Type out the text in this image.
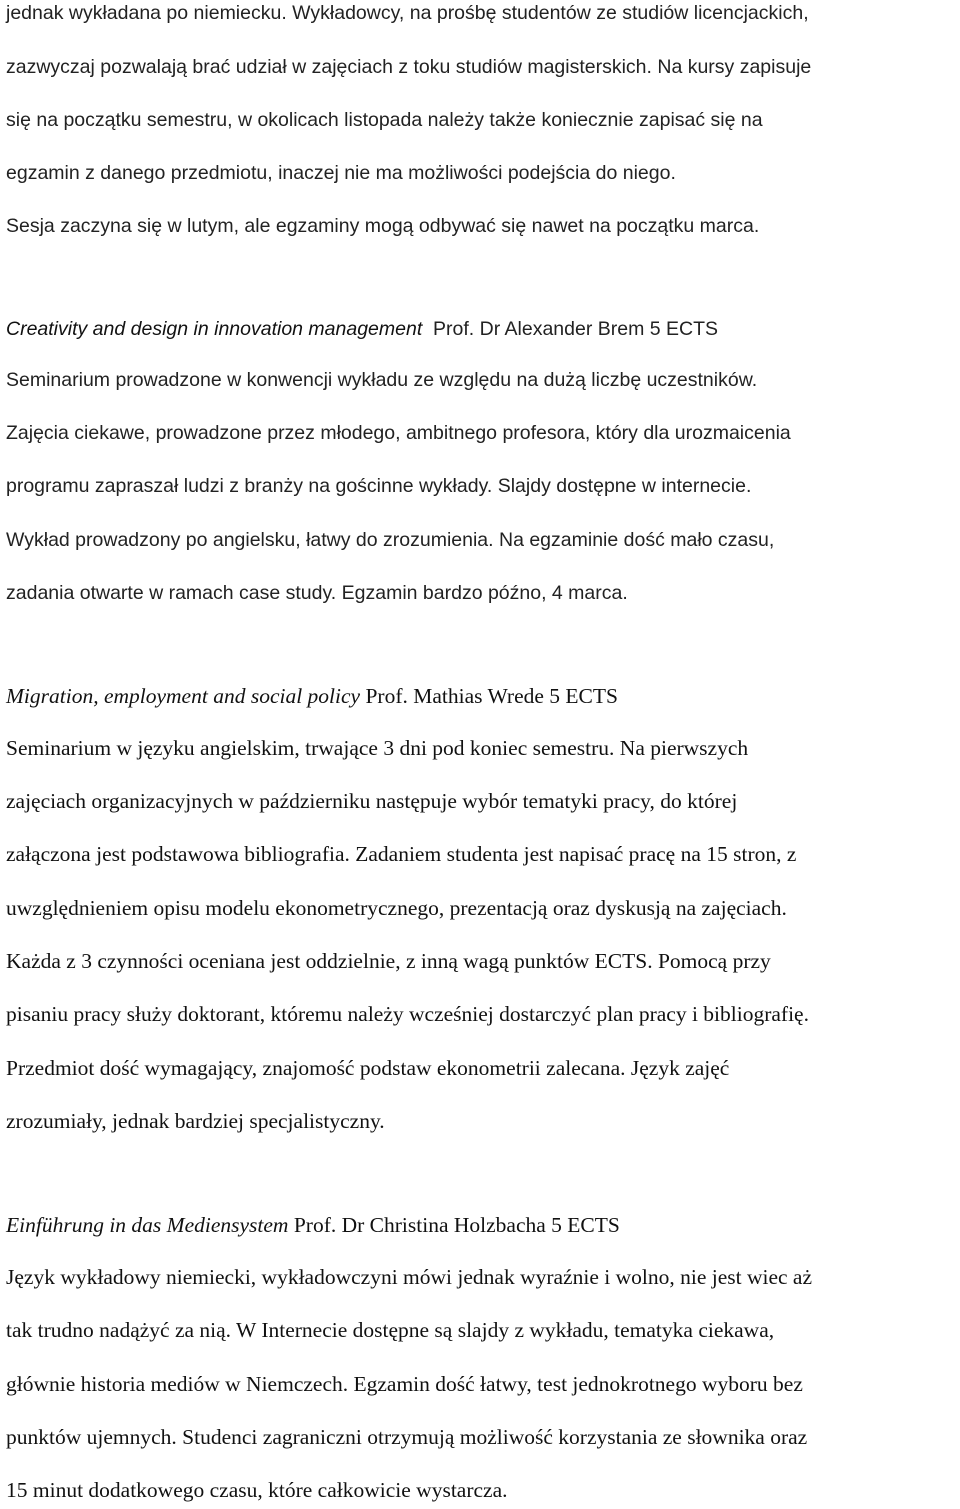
jednak wykładana po niemiecku. Wykładowcy, na prośbę studentów ze studiów licencjackich,
zazwyczaj pozwalają brać udział w zajęciach z toku studiów magisterskich. Na kursy zapisuje
się na początku semestru, w okolicach listopada należy także koniecznie zapisać się na
egzamin z danego przedmiotu, inaczej nie ma możliwości podejścia do niego.
Sesja zaczyna się w lutym, ale egzaminy mogą odbywać się nawet na początku marca.
Creativity and design in innovation management Prof. Dr Alexander Brem 5 ECTS
Seminarium prowadzone w konwencji wykładu ze względu na dużą liczbę uczestników.
Zajęcia ciekawe, prowadzone przez młodego, ambitnego profesora, który dla urozmaicenia
programu zapraszał ludzi z branży na gościnne wykłady. Slajdy dostępne w internecie.
Wykład prowadzony po angielsku, łatwy do zrozumienia. Na egzaminie dość mało czasu,
zadania otwarte w ramach case study. Egzamin bardzo późno, 4 marca.
Migration, employment and social policy Prof. Mathias Wrede 5 ECTS
Seminarium w języku angielskim, trwające 3 dni pod koniec semestru. Na pierwszych
zajęciach organizacyjnych w październiku następuje wybór tematyki pracy, do której
załączona jest podstawowa bibliografia. Zadaniem studenta jest napisać pracę na 15 stron, z
uwzględnieniem opisu modelu ekonometrycznego, prezentacją oraz dyskusją na zajęciach.
Każda z 3 czynności oceniana jest oddzielnie, z inną wagą punktów ECTS. Pomocą przy
pisaniu pracy służy doktorant, któremu należy wcześniej dostarczyć plan pracy i bibliografię.
Przedmiot dość wymagający, znajomość podstaw ekonometrii zalecana. Język zajęć
zrozumiały, jednak bardziej specjalistyczny.
Einführung in das Mediensystem Prof. Dr Christina Holzbacha 5 ECTS
Język wykładowy niemiecki, wykładowczyni mówi jednak wyraźnie i wolno, nie jest wiec aż
tak trudno nadążyć za nią. W Internecie dostępne są slajdy z wykładu, tematyka ciekawa,
głównie historia mediów w Niemczech. Egzamin dość łatwy, test jednokrotnego wyboru bez
punktów ujemnych. Studenci zagraniczni otrzymują możliwość korzystania ze słownika oraz
15 minut dodatkowego czasu, które całkowicie wystarcza.
